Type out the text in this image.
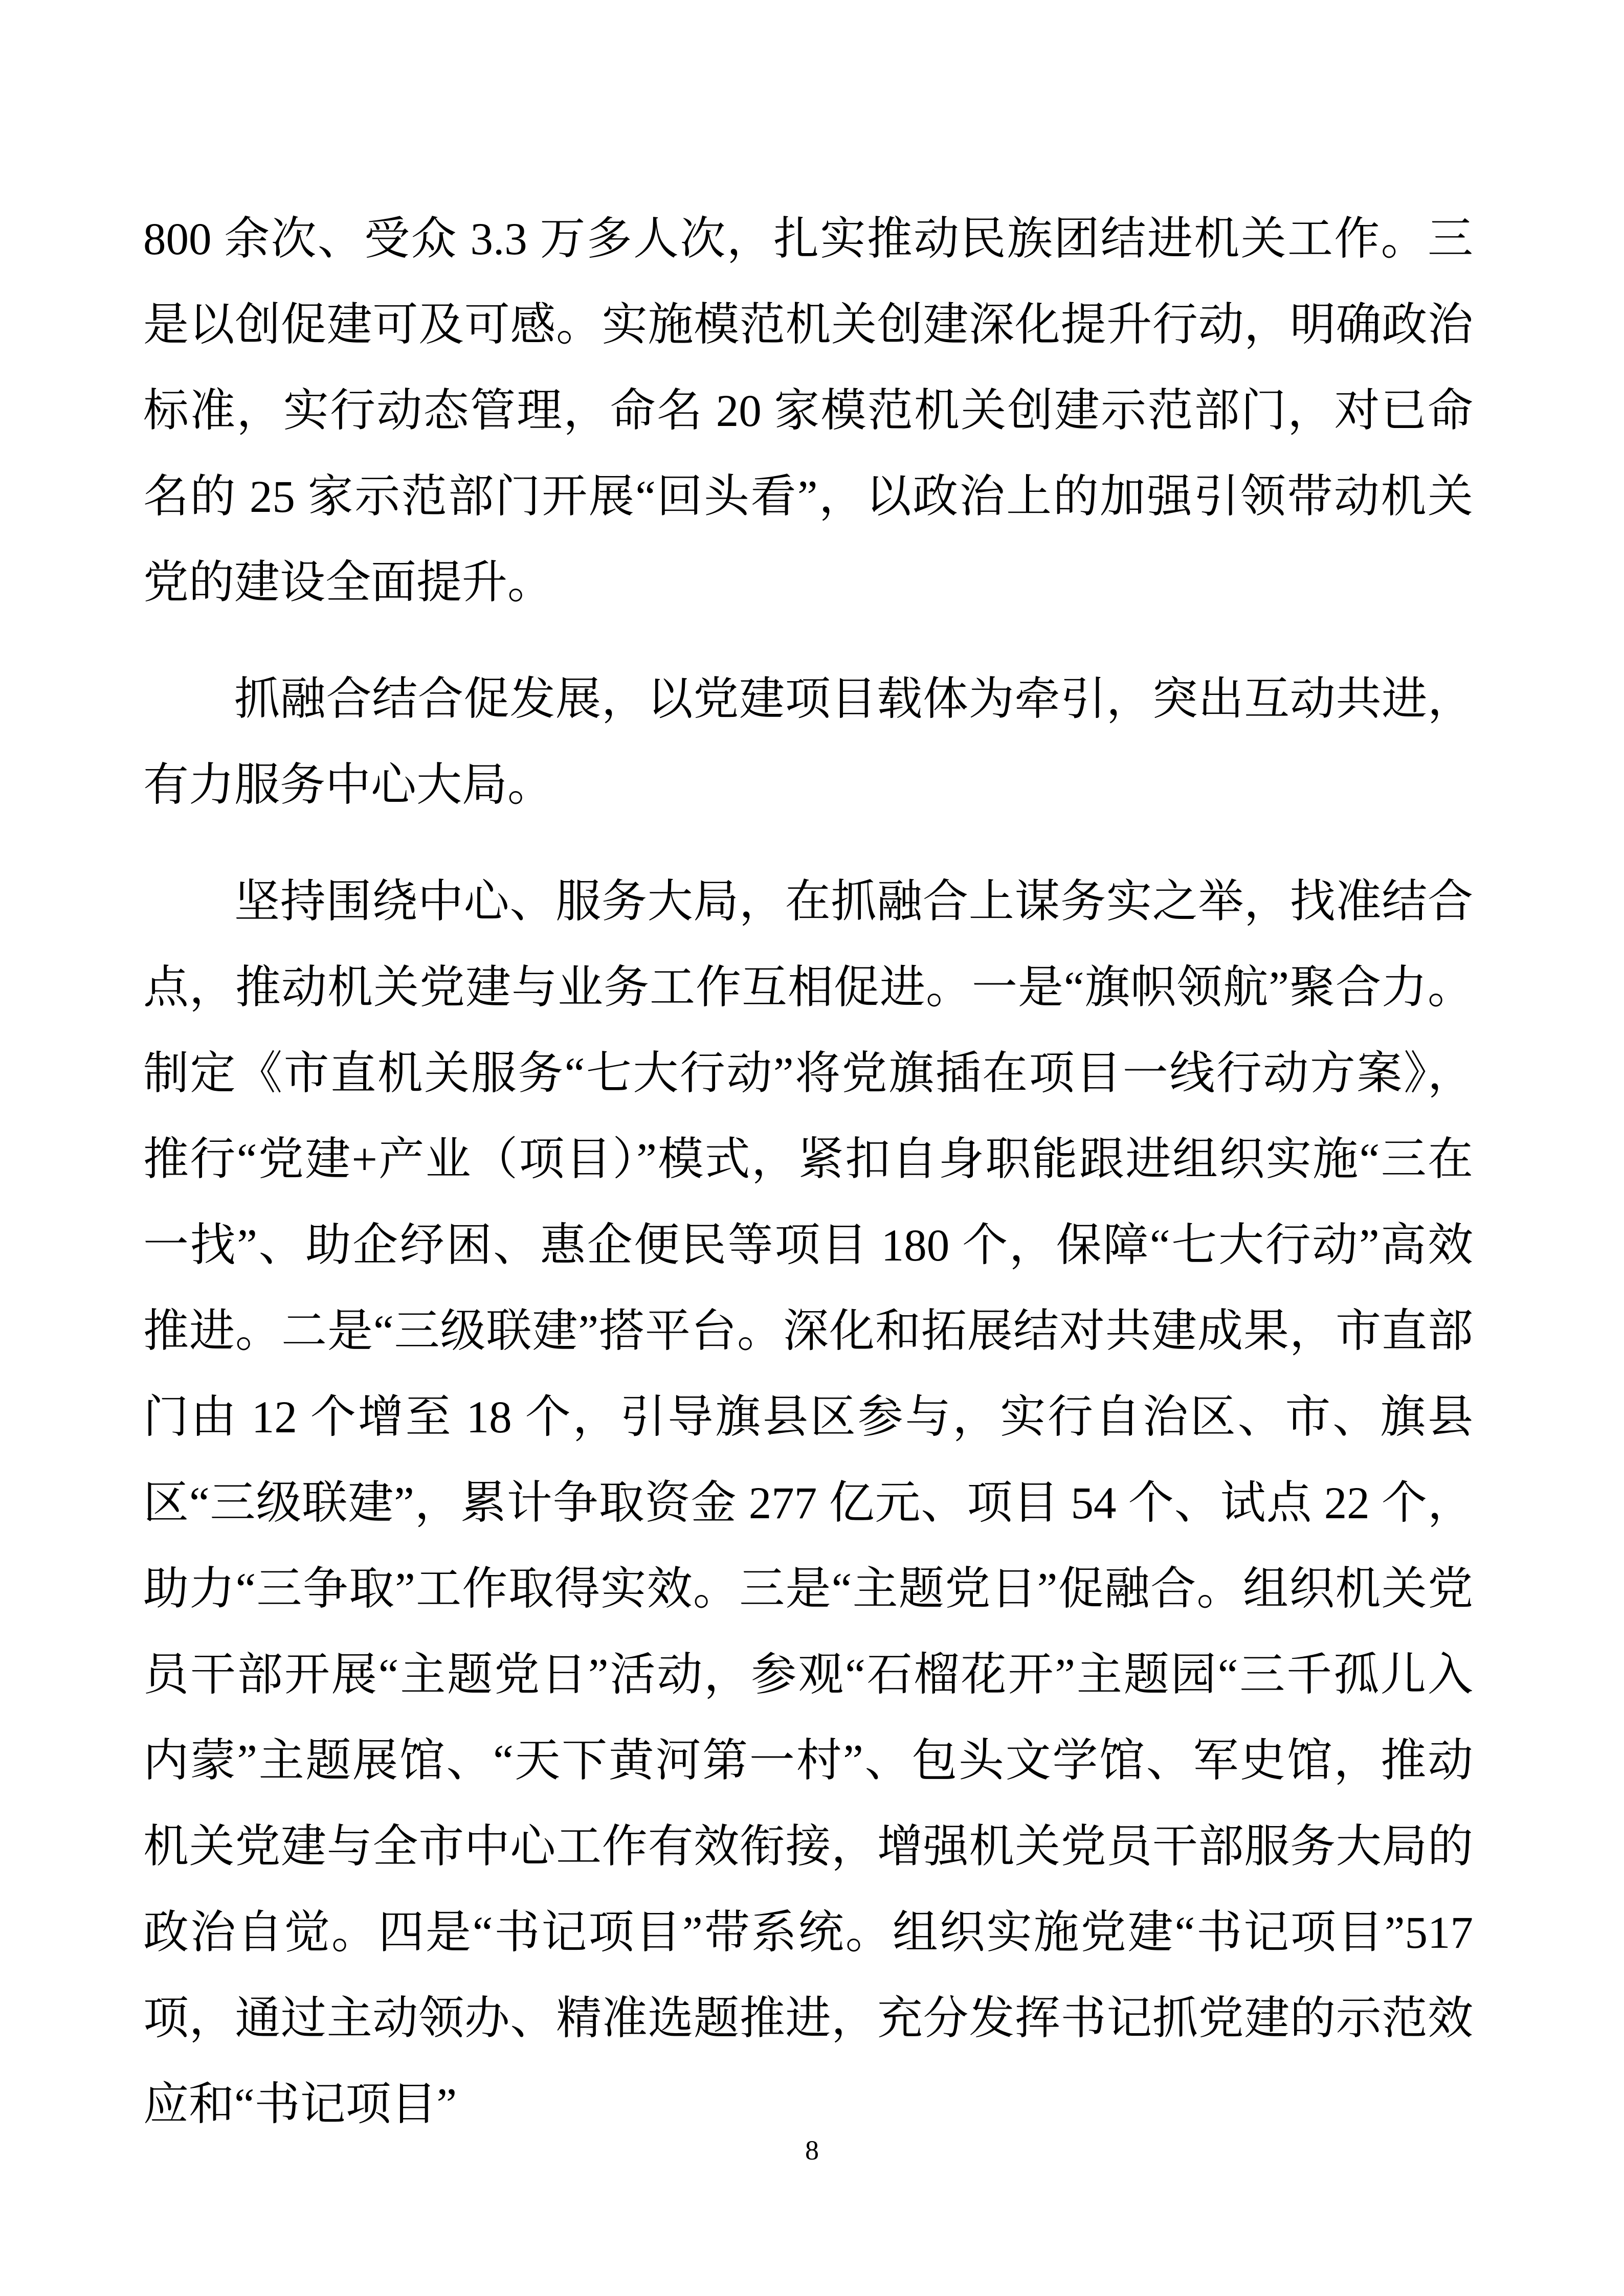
800 余次、受众 3.3 万多人次，扎实推动民族团结进机关工作。三是以创促建可及可感。实施模范机关创建深化提升行动，明确政治标准，实行动态管理，命名 20 家模范机关创建示范部门，对已命名的 25 家示范部门开展“回头看”，以政治上的加强引领带动机关党的建设全面提升。

抓融合结合促发展，以党建项目载体为牵引，突出互动共进，有力服务中心大局。

坚持围绕中心、服务大局，在抓融合上谋务实之举，找准结合点，推动机关党建与业务工作互相促进。一是“旗帜领航”聚合力。制定《市直机关服务“七大行动”将党旗插在项目一线行动方案》，推行“党建+产业（项目）”模式，紧扣自身职能跟进组织实施“三在一找”、助企纾困、惠企便民等项目 180 个，保障“七大行动”高效推进。二是“三级联建”搭平台。深化和拓展结对共建成果，市直部门由 12 个增至 18 个，引导旗县区参与，实行自治区、市、旗县区“三级联建”，累计争取资金 277 亿元、项目 54 个、试点 22 个，助力“三争取”工作取得实效。三是“主题党日”促融合。组织机关党员干部开展“主题党日”活动，参观“石榴花开”主题园“三千孤儿入内蒙”主题展馆、“天下黄河第一村”、包头文学馆、军史馆，推动机关党建与全市中心工作有效衔接，增强机关党员干部服务大局的政治自觉。四是“书记项目”带系统。组织实施党建“书记项目”517 项，通过主动领办、精准选题推进，充分发挥书记抓党建的示范效应和“书记项目”

8
